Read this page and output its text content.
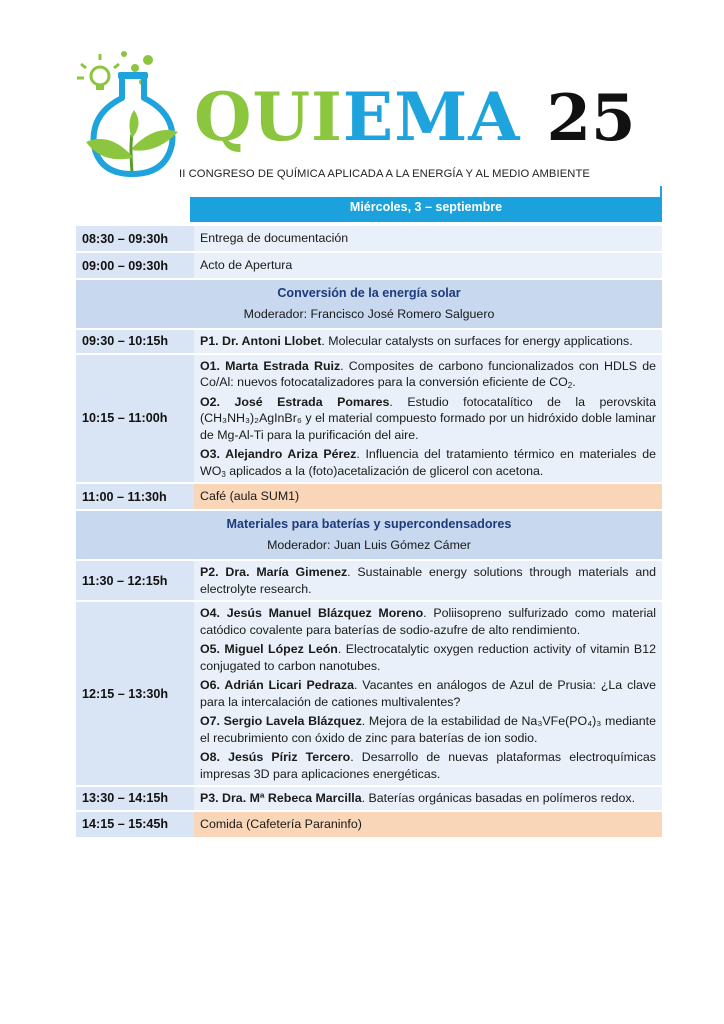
QUI EMA 25
II CONGRESO DE QUÍMICA APLICADA A LA ENERGÍA Y AL MEDIO AMBIENTE
Miércoles, 3 – septiembre
08:30 – 09:30h	Entrega de documentación
09:00 – 09:30h	Acto de Apertura

Conversión de la energía solar
Moderador: Francisco José Romero Salguero	

09:30 – 10:15h	P1. Dr. Antoni Llobet. Molecular catalysts on surfaces for energy applications.

10:15 – 11:00h	O1. Marta Estrada Ruiz. Composites de carbono funcionalizados con HDLS de Co/Al: nuevos fotocatalizadores para la conversión eficiente de $CO_2$.

O2. José Estrada Pomares. Estudio fotocatalítico de la perovskita (CH₃NH₃)₂AgInBr₆ y el material compuesto formado por un hidróxido doble laminar de Mg-Al-Ti para la purificación del aire.

O3. Alejandro Ariza Pérez. Influencia del tratamiento térmico en materiales de $WO_3$ aplicados a la (foto)acetalización de glicerol con acetona.

11:00 – 11:30h	Café (aula SUM1)

Materiales para baterías y supercondensadores
Moderador: Juan Luis Gómez Cámer	

11:30 – 12:15h	P2. Dra. María Gimenez. Sustainable energy solutions through materials and electrolyte research.

12:15 – 13:30h	O4. Jesús Manuel Blázquez Moreno. Poliisopreno sulfurizado como material catódico covalente para baterías de sodio-azufre de alto rendimiento.

O5. Miguel López León. Electrocatalytic oxygen reduction activity of vitamin B12 conjugated to carbon nanotubes.

O6. Adrián Licari Pedraza. Vacantes en análogos de Azul de Prusia: ¿La clave para la intercalación de cationes multivalentes?

O7. Sergio Lavela Blázquez. Mejora de la estabilidad de Na₃VFe(PO₄)₃ mediante el recubrimiento con óxido de zinc para baterías de ion sodio.

O8. Jesús Píriz Tercero. Desarrollo de nuevas plataformas electroquímicas impresas 3D para aplicaciones energéticas.

13:30 – 14:15h	P3. Dra. Mª Rebeca Marcilla. Baterías orgánicas basadas en polímeros redox.

14:15 – 15:45h	Comida (Cafetería Paraninfo)
